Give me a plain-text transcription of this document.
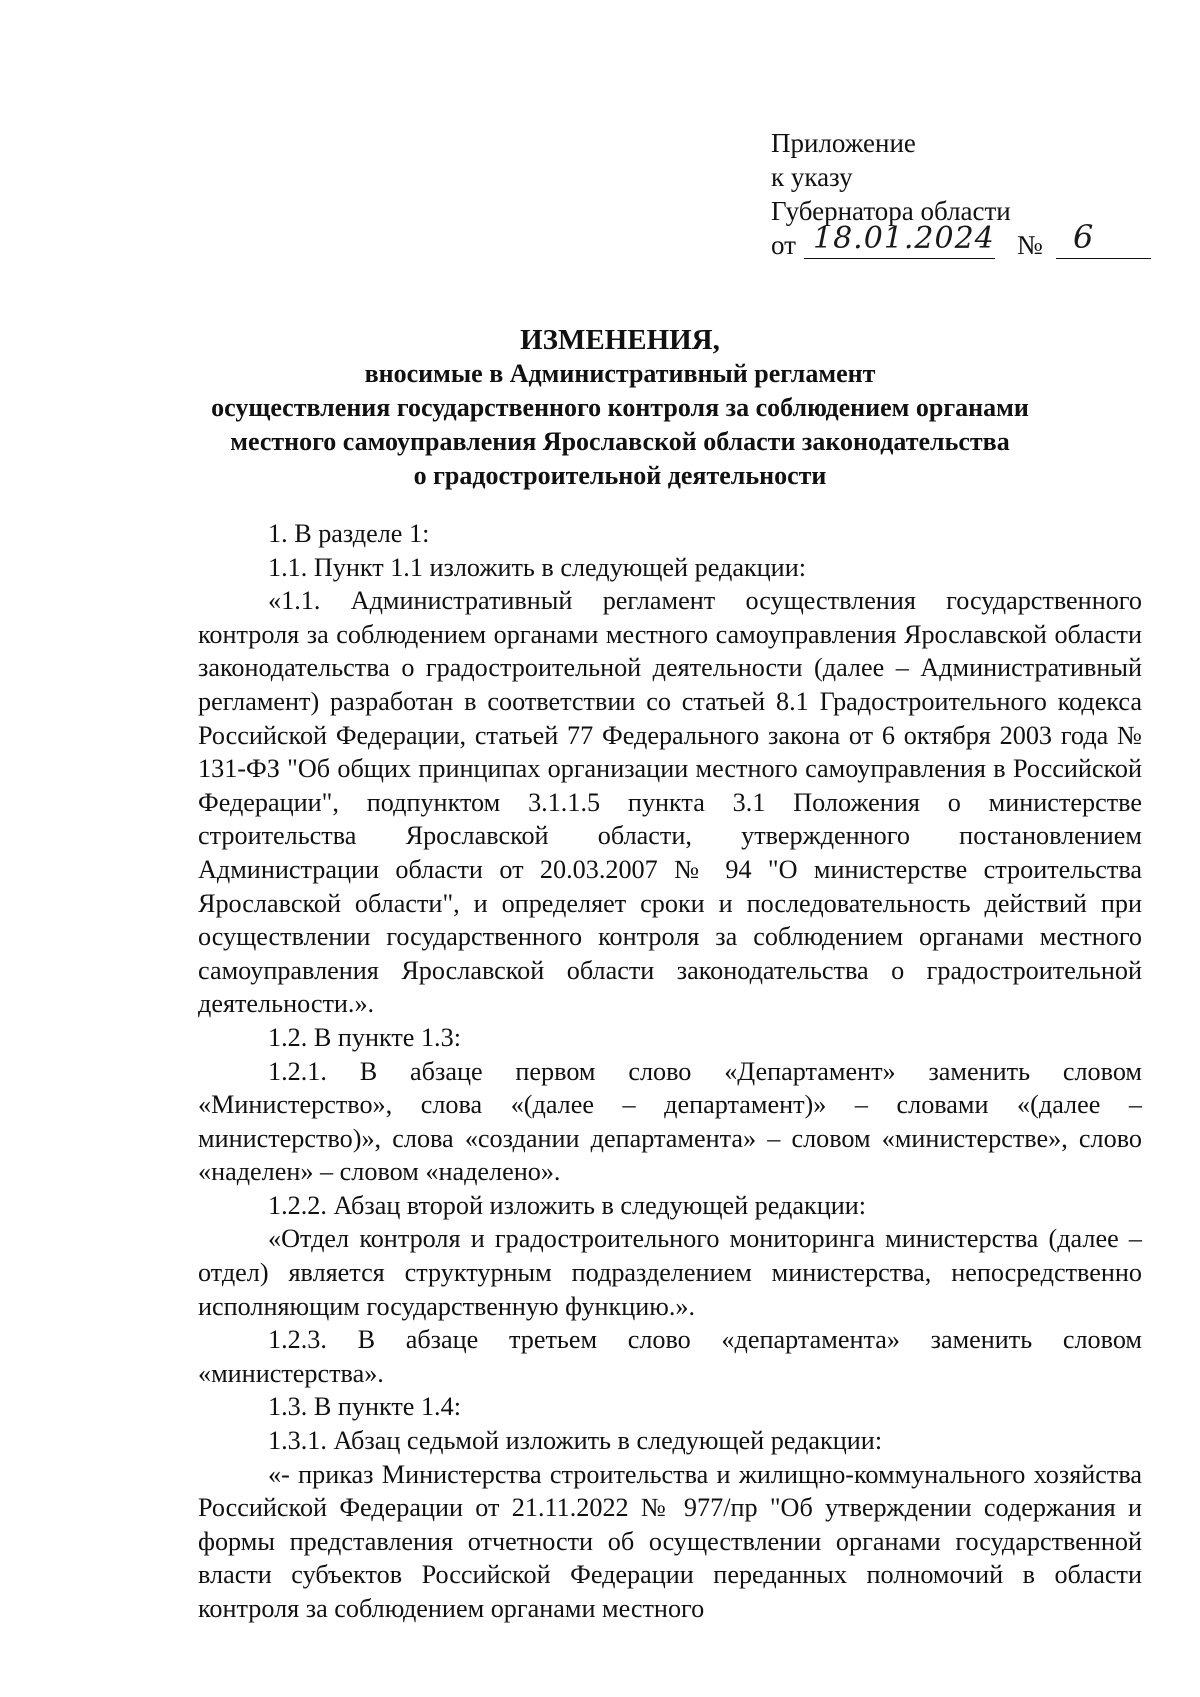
Приложение
к указу
Губернатора области
от 18.01.2024 № 6
ИЗМЕНЕНИЯ,
вносимые в Административный регламент
осуществления государственного контроля за соблюдением органами
местного самоуправления Ярославской области законодательства
о градостроительной деятельности

1. В разделе 1:

1.1. Пункт 1.1 изложить в следующей редакции:

«1.1. Административный регламент осуществления государственного контроля за соблюдением органами местного самоуправления Ярославской области законодательства о градостроительной деятельности (далее – Административный регламент) разработан в соответствии со статьей 8.1 Градостроительного кодекса Российской Федерации, статьей 77 Федерального закона от 6 октября 2003 года № 131-ФЗ "Об общих принципах организации местного самоуправления в Российской Федерации", подпунктом 3.1.1.5 пункта 3.1 Положения о министерстве строительства Ярославской области, утвержденного постановлением Администрации области от 20.03.2007 № 94 "О министерстве строительства Ярославской области", и определяет сроки и последовательность действий при осуществлении государственного контроля за соблюдением органами местного самоуправления Ярославской области законодательства о градостроительной деятельности.».

1.2. В пункте 1.3:

1.2.1. В абзаце первом слово «Департамент» заменить словом «Министерство», слова «(далее – департамент)» – словами «(далее – министерство)», слова «создании департамента» – словом «министерстве», слово «наделен» – словом «наделено».

1.2.2. Абзац второй изложить в следующей редакции:

«Отдел контроля и градостроительного мониторинга министерства (далее – отдел) является структурным подразделением министерства, непосредственно исполняющим государственную функцию.».

1.2.3. В абзаце третьем слово «департамента» заменить словом «министерства».

1.3. В пункте 1.4:

1.3.1. Абзац седьмой изложить в следующей редакции:

«- приказ Министерства строительства и жилищно-коммунального хозяйства Российской Федерации от 21.11.2022 № 977/пр "Об утверждении содержания и формы представления отчетности об осуществлении органами государственной власти субъектов Российской Федерации переданных полномочий в области контроля за соблюдением органами местного
